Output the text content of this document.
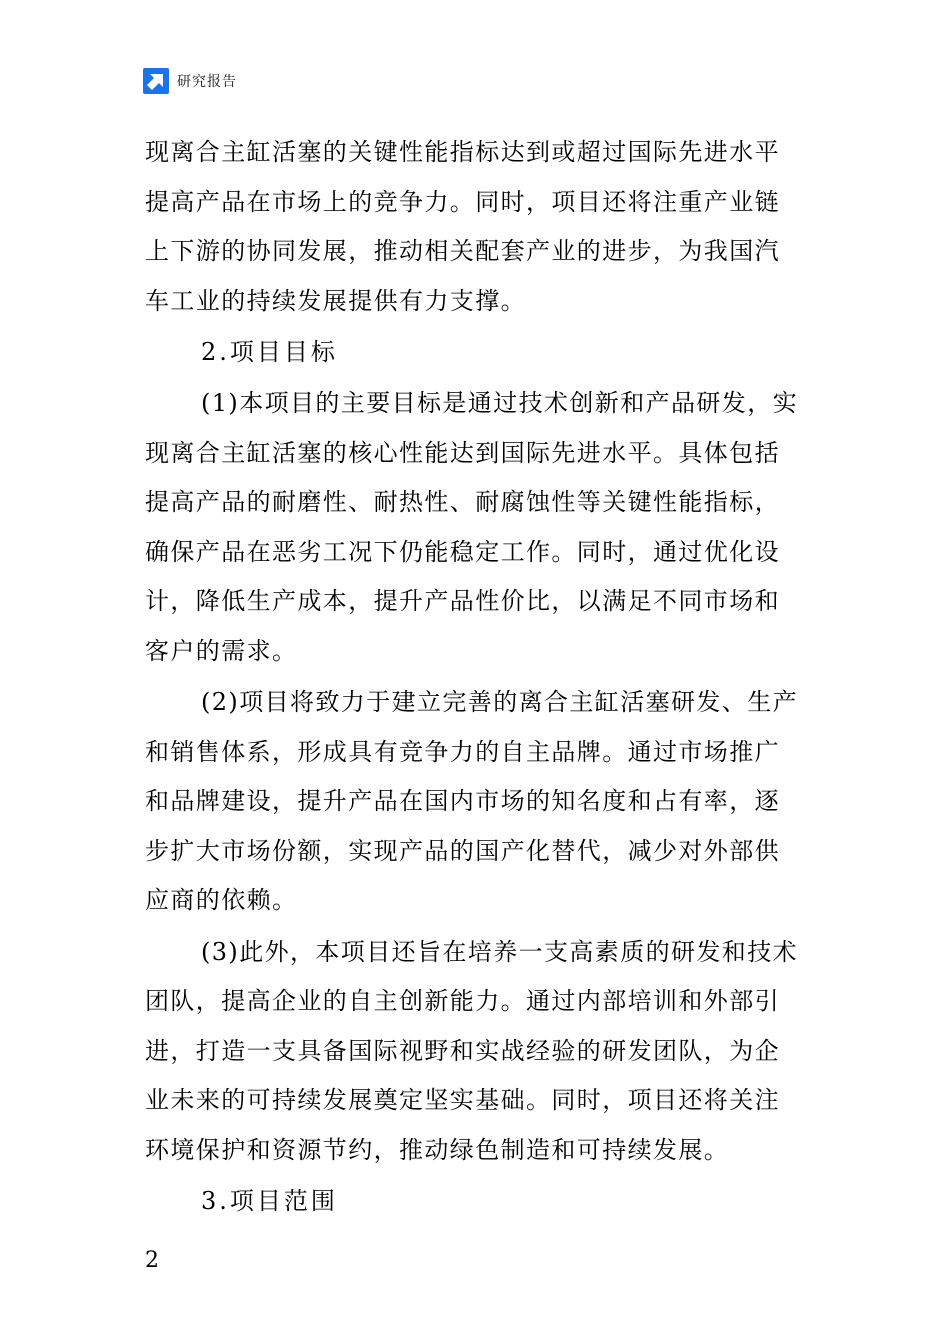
研究报告
现离合主缸活塞的关键性能指标达到或超过国际先进水平
提高产品在市场上的竞争力。同时，项目还将注重产业链
上下游的协同发展，推动相关配套产业的进步，为我国汽
车工业的持续发展提供有力支撑。
2.项目目标
(1)本项目的主要目标是通过技术创新和产品研发，实
现离合主缸活塞的核心性能达到国际先进水平。具体包括
提高产品的耐磨性、耐热性、耐腐蚀性等关键性能指标，
确保产品在恶劣工况下仍能稳定工作。同时，通过优化设
计，降低生产成本，提升产品性价比，以满足不同市场和
客户的需求。
(2)项目将致力于建立完善的离合主缸活塞研发、生产
和销售体系，形成具有竞争力的自主品牌。通过市场推广
和品牌建设，提升产品在国内市场的知名度和占有率，逐
步扩大市场份额，实现产品的国产化替代，减少对外部供
应商的依赖。
(3)此外，本项目还旨在培养一支高素质的研发和技术
团队，提高企业的自主创新能力。通过内部培训和外部引
进，打造一支具备国际视野和实战经验的研发团队，为企
业未来的可持续发展奠定坚实基础。同时，项目还将关注
环境保护和资源节约，推动绿色制造和可持续发展。
3.项目范围
2
